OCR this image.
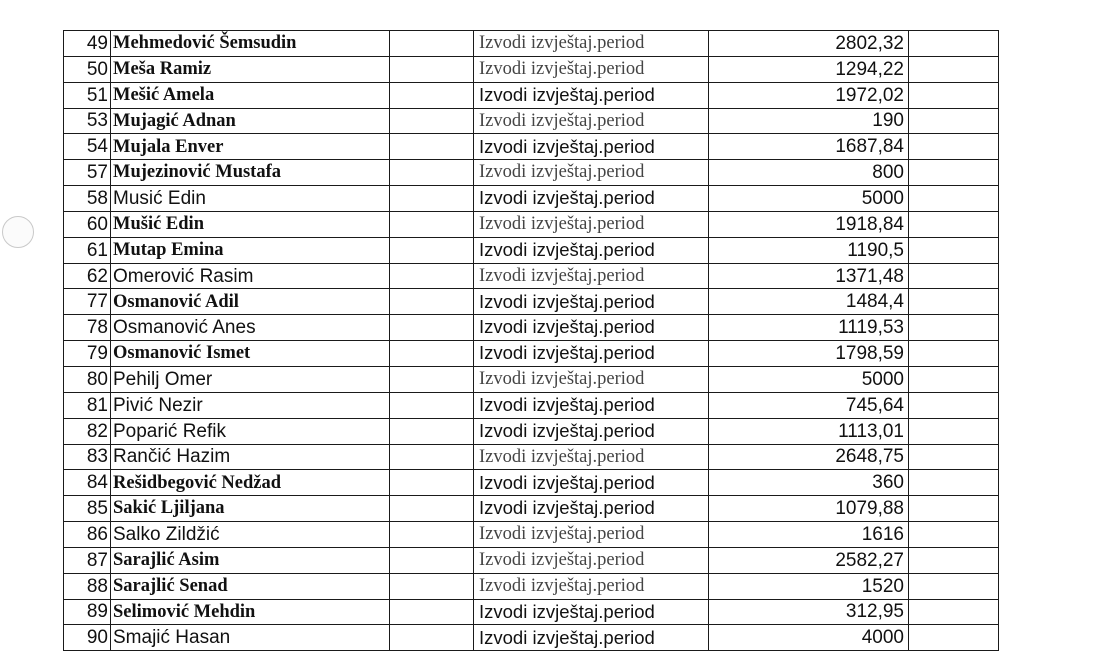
49	Mehmedović Šemsudin		Izvodi izvještaj.period	2802,32	
50	Meša Ramiz		Izvodi izvještaj.period	1294,22	
51	Mešić Amela		Izvodi izvještaj.period	1972,02	
53	Mujagić Adnan		Izvodi izvještaj.period	190	
54	Mujala Enver		Izvodi izvještaj.period	1687,84	
57	Mujezinović Mustafa		Izvodi izvještaj.period	800	
58	Musić Edin		Izvodi izvještaj.period	5000	
60	Mušić Edin		Izvodi izvještaj.period	1918,84	
61	Mutap Emina		Izvodi izvještaj.period	1190,5	
62	Omerović Rasim		Izvodi izvještaj.period	1371,48	
77	Osmanović Adil		Izvodi izvještaj.period	1484,4	
78	Osmanović Anes		Izvodi izvještaj.period	1119,53	
79	Osmanović Ismet		Izvodi izvještaj.period	1798,59	
80	Pehilj Omer		Izvodi izvještaj.period	5000	
81	Pivić Nezir		Izvodi izvještaj.period	745,64	
82	Poparić Refik		Izvodi izvještaj.period	1113,01	
83	Rančić Hazim		Izvodi izvještaj.period	2648,75	
84	Rešidbegović Nedžad		Izvodi izvještaj.period	360	
85	Sakić Ljiljana		Izvodi izvještaj.period	1079,88	
86	Salko Zildžić		Izvodi izvještaj.period	1616	
87	Sarajlić Asim		Izvodi izvještaj.period	2582,27	
88	Sarajlić Senad		Izvodi izvještaj.period	1520	
89	Selimović Mehdin		Izvodi izvještaj.period	312,95	
90	Smajić Hasan		Izvodi izvještaj.period	4000	
